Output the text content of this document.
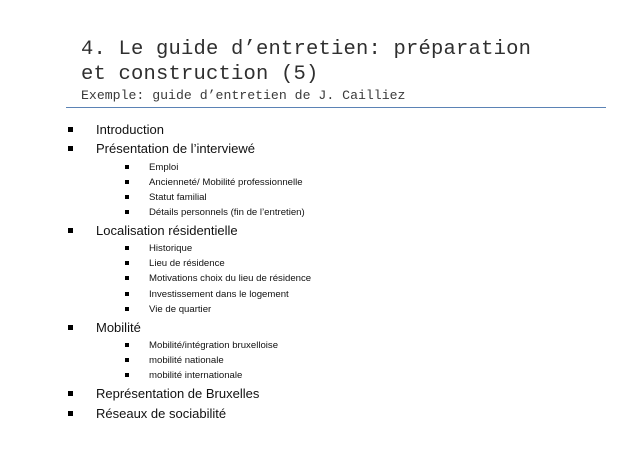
4. Le guide d’entretien: préparation
et construction (5)
Exemple: guide d’entretien de J. Cailliez
Introduction
Présentation de l’interviewé
Emploi
Ancienneté/ Mobilité professionnelle
Statut familial
Détails personnels (fin de l’entretien)
Localisation résidentielle
Historique
Lieu de résidence
Motivations choix du lieu de résidence
Investissement dans le logement
Vie de quartier
Mobilité
Mobilité/intégration bruxelloise
mobilité nationale
mobilité internationale
Représentation de Bruxelles
Réseaux de sociabilité
